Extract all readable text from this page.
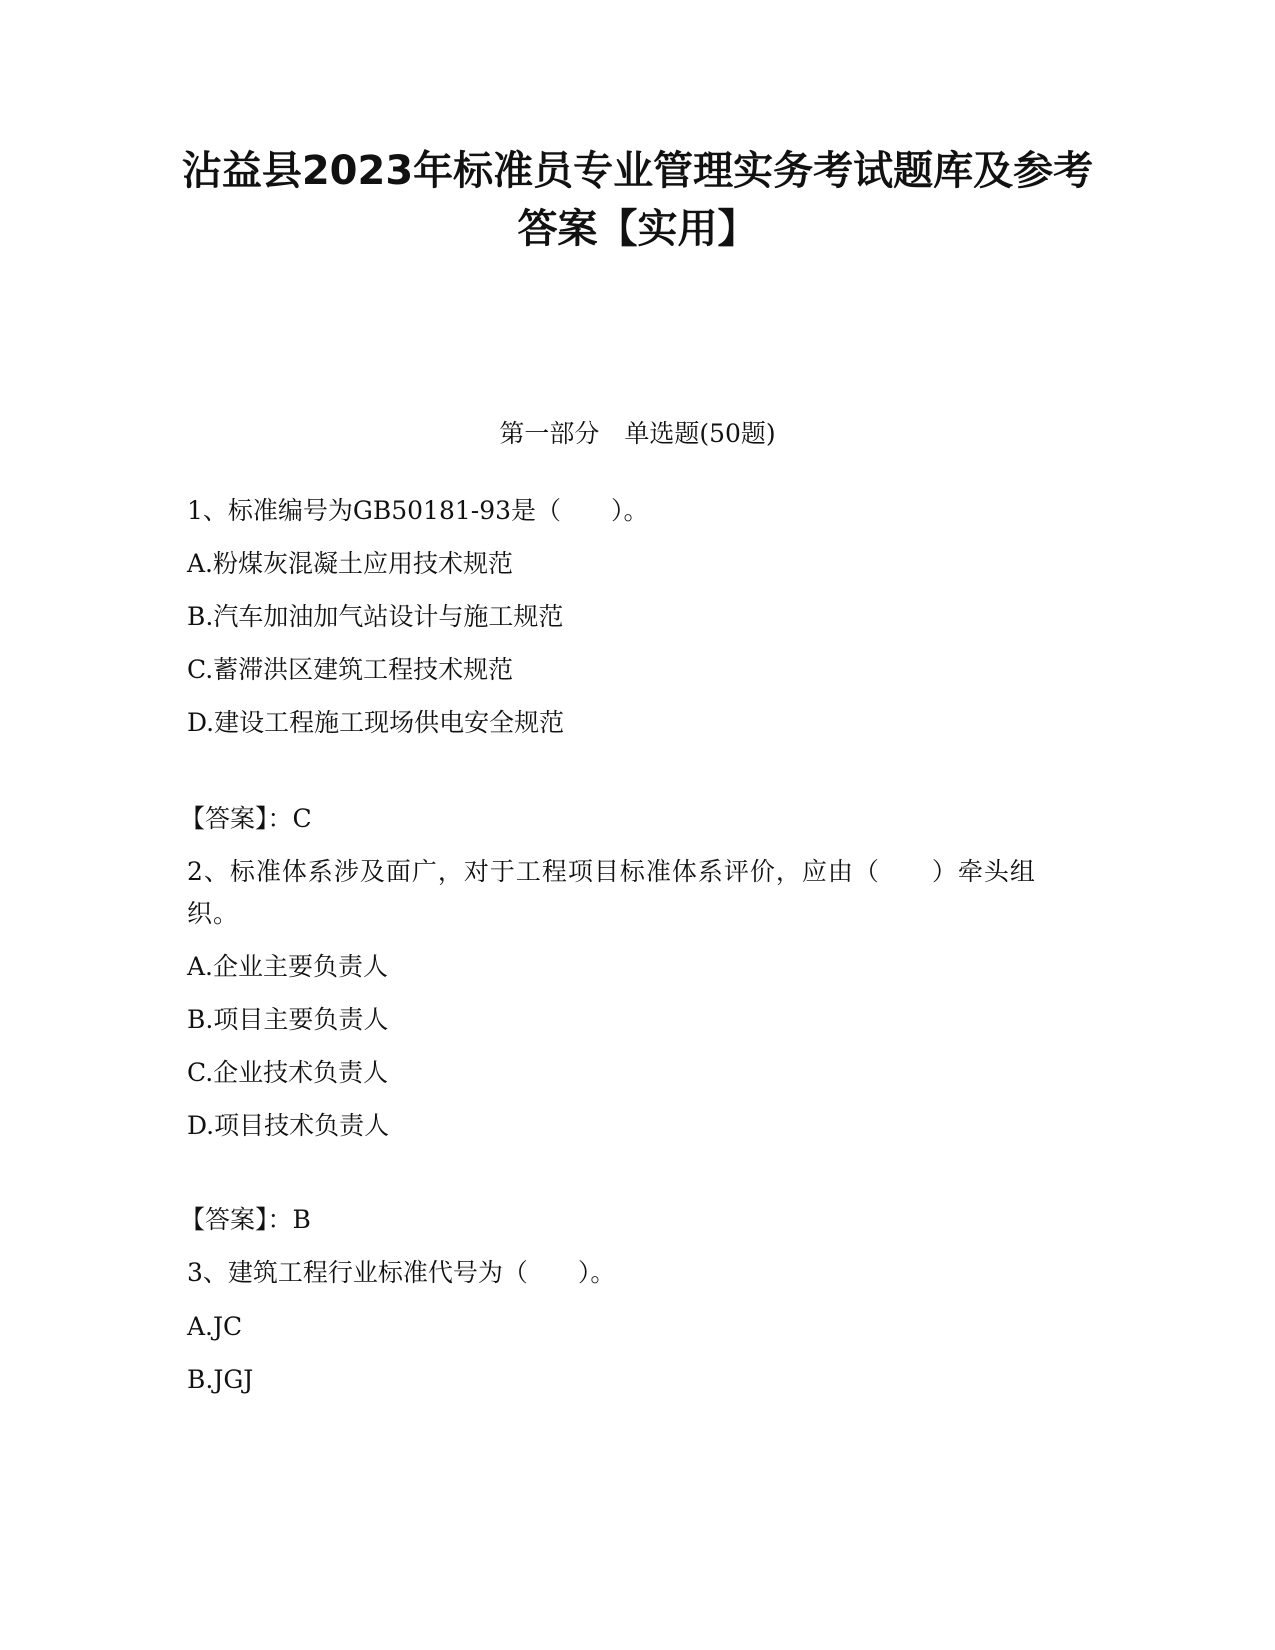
沾益县2023年标准员专业管理实务考试题库及参考答案【实用】
第一部分　单选题(50题)
1、标准编号为GB50181-93是（　　）。
A.粉煤灰混凝土应用技术规范
B.汽车加油加气站设计与施工规范
C.蓄滞洪区建筑工程技术规范
D.建设工程施工现场供电安全规范
【答案】：C
2、标准体系涉及面广，对于工程项目标准体系评价，应由（　　）牵头组织。
A.企业主要负责人
B.项目主要负责人
C.企业技术负责人
D.项目技术负责人
【答案】：B
3、建筑工程行业标准代号为（　　）。
A.JC
B.JGJ
